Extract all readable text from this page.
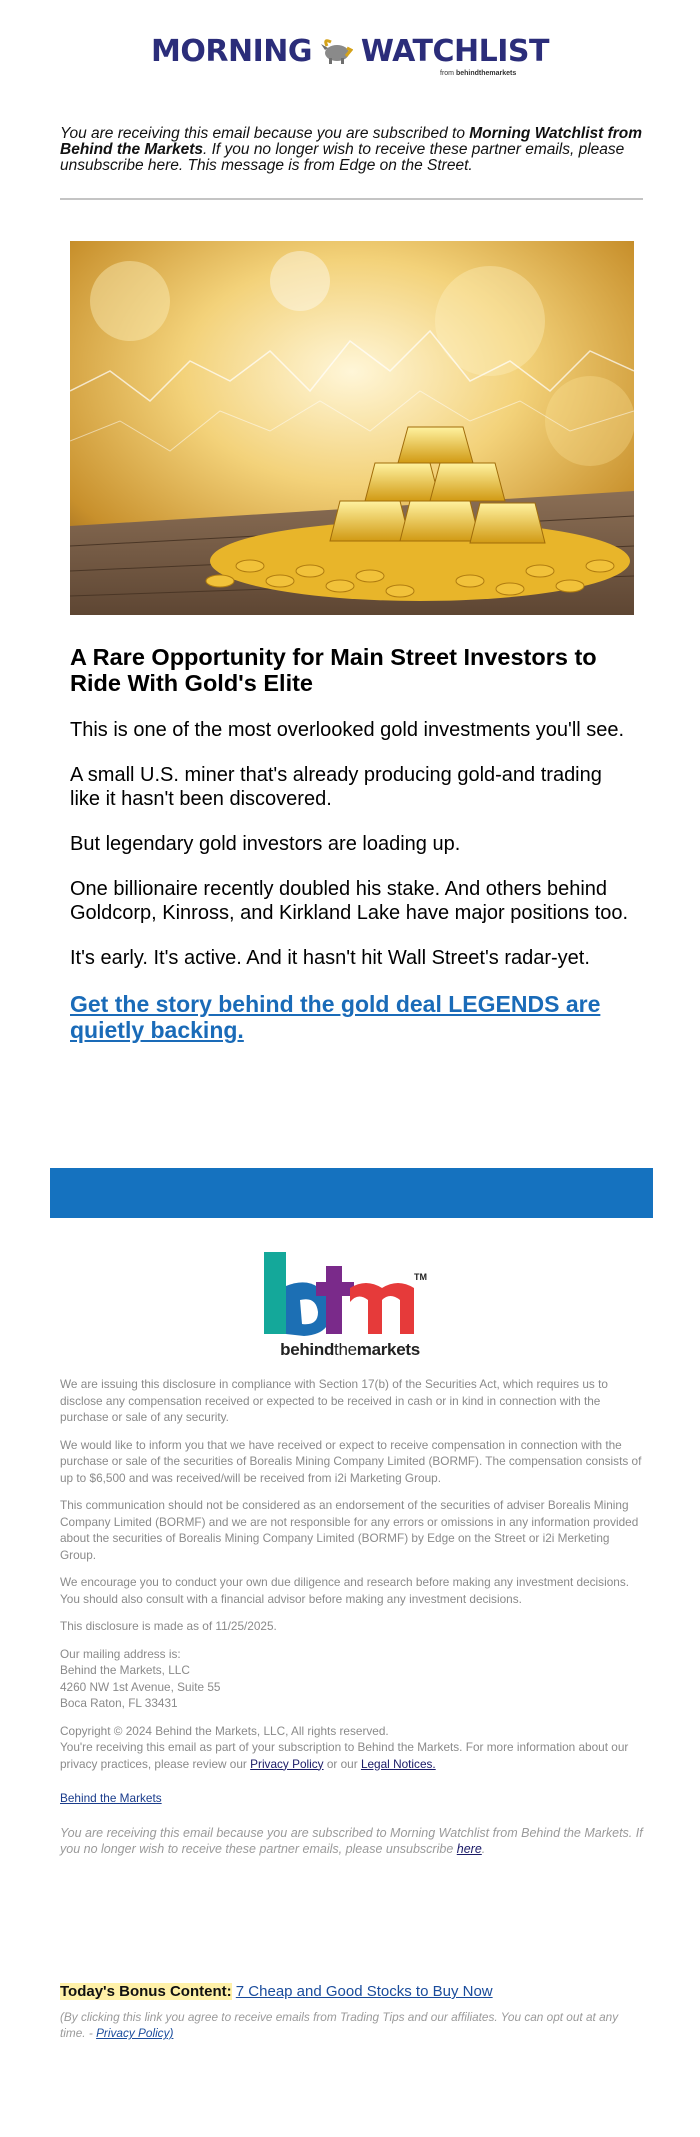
MORNING WATCHLIST
from behindthemarkets
You are receiving this email because you are subscribed to Morning Watchlist from Behind the Markets. If you no longer wish to receive these partner emails, please unsubscribe here. This message is from Edge on the Street.
A Rare Opportunity for Main Street Investors to Ride With Gold's Elite

This is one of the most overlooked gold investments you'll see.

A small U.S. miner that's already producing gold-and trading like it hasn't been discovered.

But legendary gold investors are loading up.

One billionaire recently doubled his stake. And others behind Goldcorp, Kinross, and Kirkland Lake have major positions too.

It's early. It's active. And it hasn't hit Wall Street's radar-yet.

Get the story behind the gold deal LEGENDS are quietly backing.
TM
behindthemarkets

We are issuing this disclosure in compliance with Section 17(b) of the Securities Act, which requires us to disclose any compensation received or expected to be received in cash or in kind in connection with the purchase or sale of any security.

We would like to inform you that we have received or expect to receive compensation in connection with the purchase or sale of the securities of Borealis Mining Company Limited (BORMF). The compensation consists of up to $6,500 and was received/will be received from i2i Marketing Group.

This communication should not be considered as an endorsement of the securities of adviser Borealis Mining Company Limited (BORMF) and we are not responsible for any errors or omissions in any information provided about the securities of Borealis Mining Company Limited (BORMF) by Edge on the Street or i2i Merketing Group.

We encourage you to conduct your own due diligence and research before making any investment decisions. You should also consult with a financial advisor before making any investment decisions.

This disclosure is made as of 11/25/2025.

Our mailing address is:
Behind the Markets, LLC
4260 NW 1st Avenue, Suite 55
Boca Raton, FL 33431

Copyright © 2024 Behind the Markets, LLC, All rights reserved.
You're receiving this email as part of your subscription to Behind the Markets. For more information about our privacy practices, please review our Privacy Policy or our Legal Notices.

Behind the Markets

You are receiving this email because you are subscribed to Morning Watchlist from Behind the Markets. If you no longer wish to receive these partner emails, please unsubscribe here.

Today's Bonus Content: 7 Cheap and Good Stocks to Buy Now

(By clicking this link you agree to receive emails from Trading Tips and our affiliates. You can opt out at any time. - Privacy Policy)
